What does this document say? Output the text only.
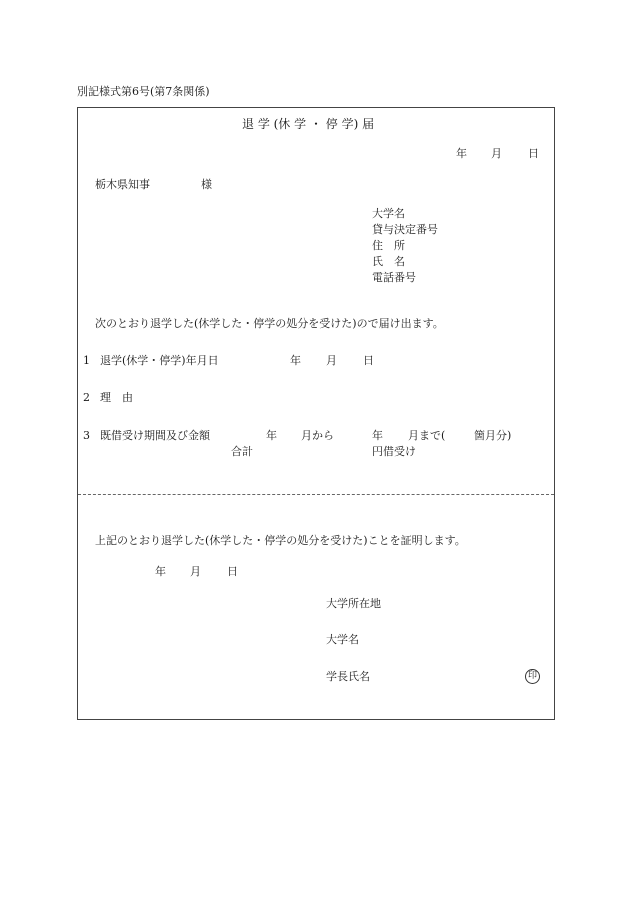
別記様式第6号(第7条関係)
退 学 (休 学 ・ 停 学) 届
年 月 日
栃木県知事	様
大学名
貸与決定番号
住　所
氏　名
電話番号
次のとおり退学した(休学した・停学の処分を受けた)ので届け出ます。
1 退学(休学・停学)年月日	年 月 日
2 理　由
3 既借受け期間及び金額	年 月から	年 月まで(	箇月分)
合計	円借受け
上記のとおり退学した(休学した・停学の処分を受けた)ことを証明します。
年 月 日
大学所在地
大学名
学長氏名	印
